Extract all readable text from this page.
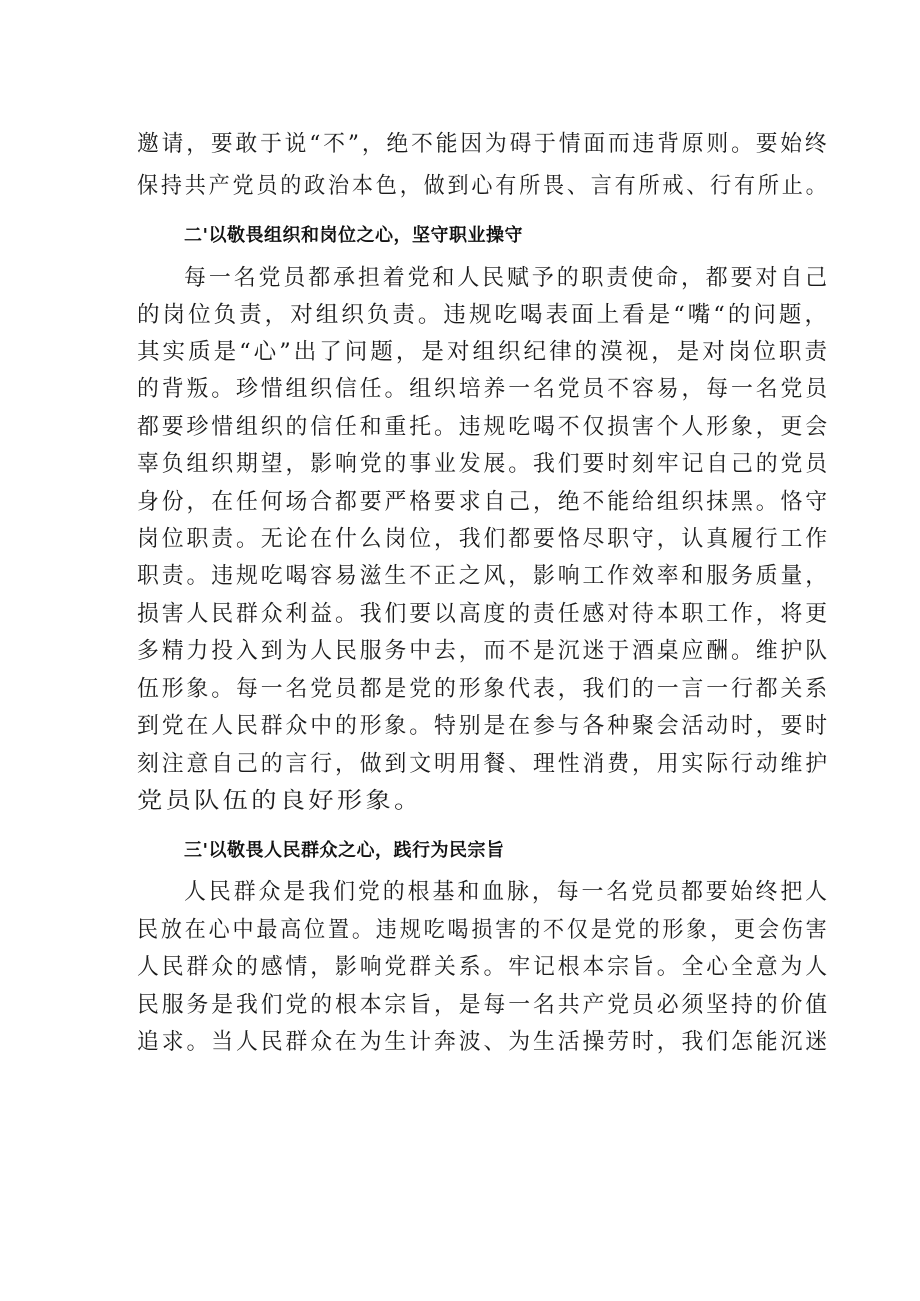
邀请，要敢于说“不”，绝不能因为碍于情面而违背原则。要始终
保持共产党员的政治本色，做到心有所畏、言有所戒、行有所止。
二'以敬畏组织和岗位之心，坚守职业操守
每一名党员都承担着党和人民赋予的职责使命，都要对自己
的岗位负责，对组织负责。违规吃喝表面上看是“嘴“的问题，
其实质是“心”出了问题，是对组织纪律的漠视，是对岗位职责
的背叛。珍惜组织信任。组织培养一名党员不容易，每一名党员
都要珍惜组织的信任和重托。违规吃喝不仅损害个人形象，更会
辜负组织期望，影响党的事业发展。我们要时刻牢记自己的党员
身份，在任何场合都要严格要求自己，绝不能给组织抹黑。恪守
岗位职责。无论在什么岗位，我们都要恪尽职守，认真履行工作
职责。违规吃喝容易滋生不正之风，影响工作效率和服务质量，
损害人民群众利益。我们要以高度的责任感对待本职工作，将更
多精力投入到为人民服务中去，而不是沉迷于酒桌应酬。维护队
伍形象。每一名党员都是党的形象代表，我们的一言一行都关系
到党在人民群众中的形象。特别是在参与各种聚会活动时，要时
刻注意自己的言行，做到文明用餐、理性消费，用实际行动维护
党员队伍的良好形象。
三'以敬畏人民群众之心，践行为民宗旨
人民群众是我们党的根基和血脉，每一名党员都要始终把人
民放在心中最高位置。违规吃喝损害的不仅是党的形象，更会伤害
人民群众的感情，影响党群关系。牢记根本宗旨。全心全意为人
民服务是我们党的根本宗旨，是每一名共产党员必须坚持的价值
追求。当人民群众在为生计奔波、为生活操劳时，我们怎能沉迷
